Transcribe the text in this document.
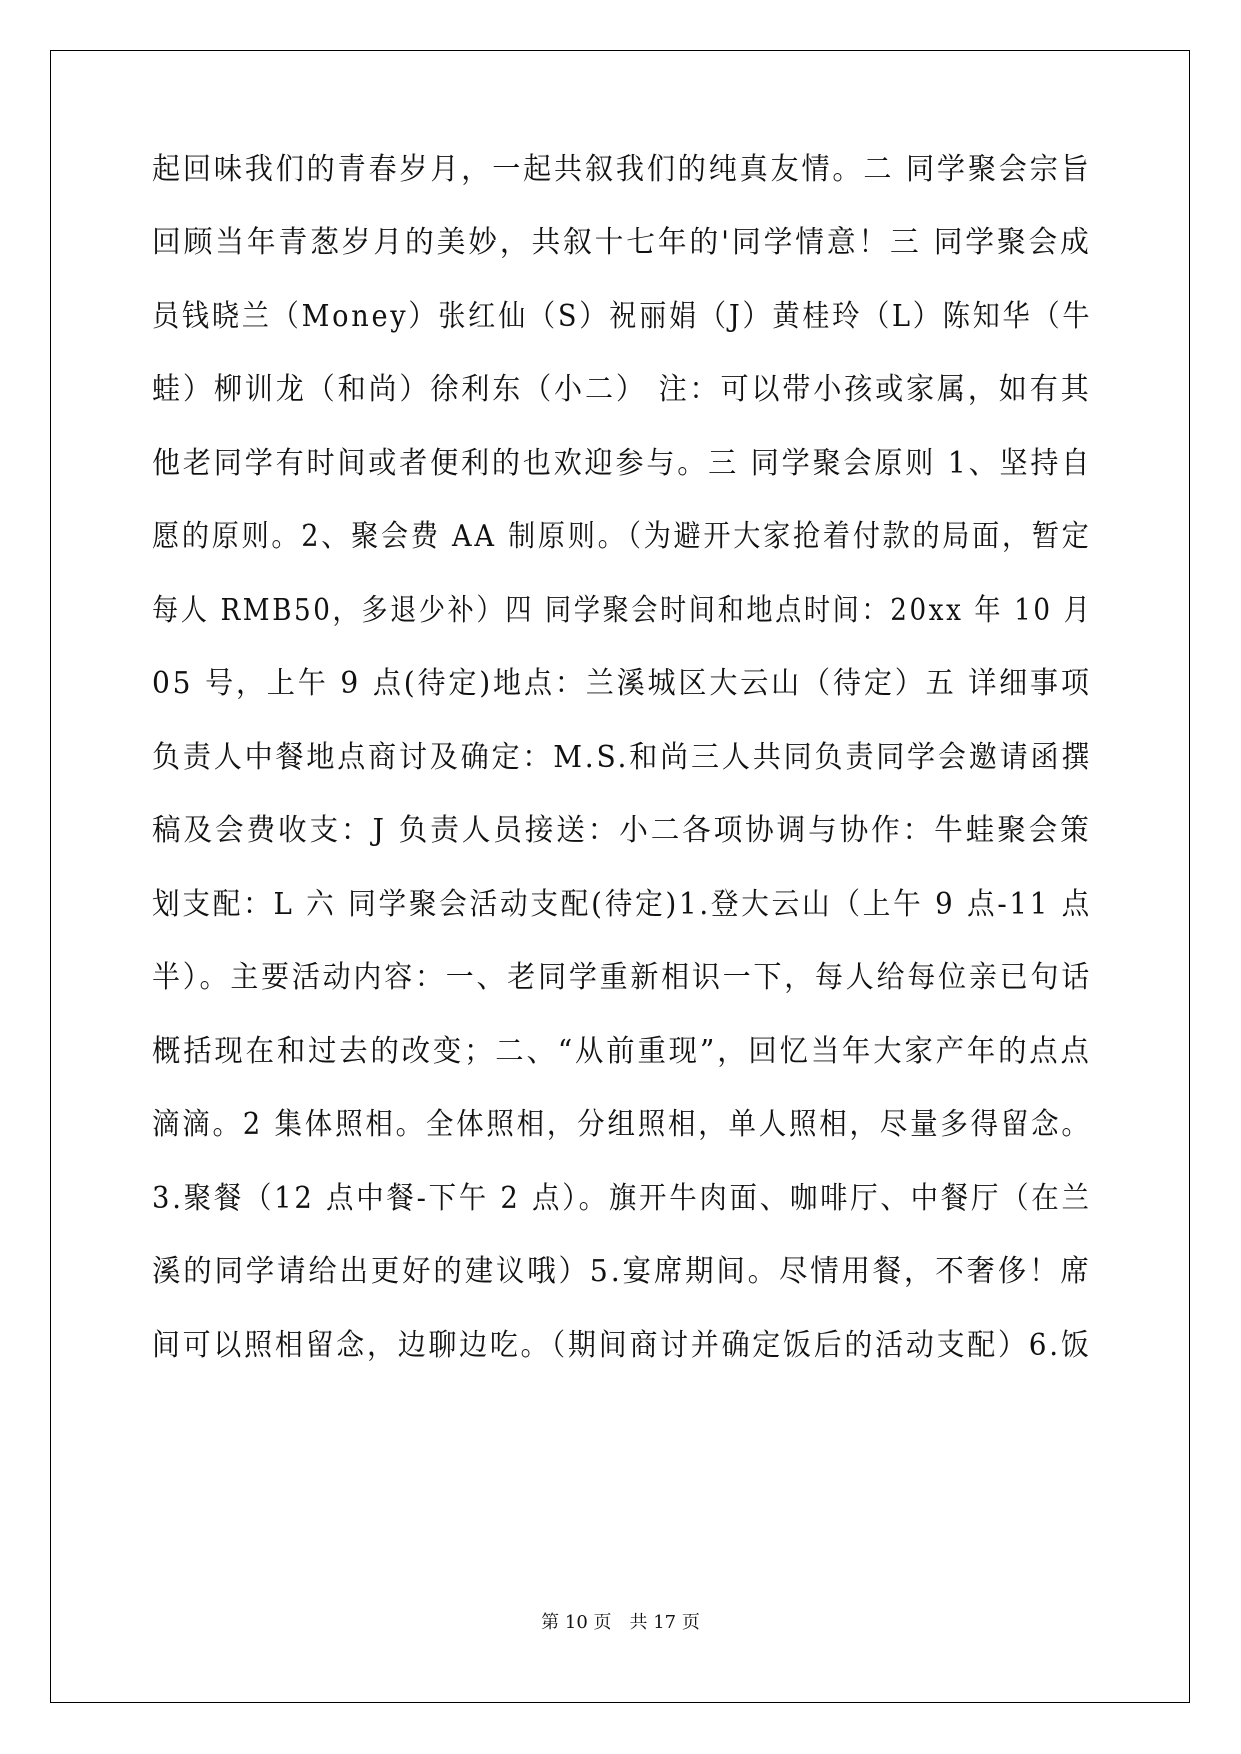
起回味我们的青春岁月，一起共叙我们的纯真友情。二 同学聚会宗旨
回顾当年青葱岁月的美妙，共叙十七年的'同学情意！三 同学聚会成
员钱晓兰（Money）张红仙（S）祝丽娟（J）黄桂玲（L）陈知华（牛
蛙）柳训龙（和尚）徐利东（小二） 注：可以带小孩或家属，如有其
他老同学有时间或者便利的也欢迎参与。三 同学聚会原则 1、坚持自
愿的原则。2、聚会费 AA 制原则。（为避开大家抢着付款的局面，暂定
每人 RMB50，多退少补）四 同学聚会时间和地点时间：20xx 年 10 月
05 号，上午 9 点(待定)地点：兰溪城区大云山（待定）五 详细事项
负责人中餐地点商讨及确定：M.S.和尚三人共同负责同学会邀请函撰
稿及会费收支：J 负责人员接送：小二各项协调与协作：牛蛙聚会策
划支配：L 六 同学聚会活动支配(待定)1.登大云山（上午 9 点-11 点
半）。主要活动内容：一、老同学重新相识一下，每人给每位亲已句话
概括现在和过去的改变；二、“从前重现”，回忆当年大家产年的点点
滴滴。2 集体照相。全体照相，分组照相，单人照相，尽量多得留念。
3.聚餐（12 点中餐-下午 2 点）。旗开牛肉面、咖啡厅、中餐厅（在兰
溪的同学请给出更好的建议哦）5.宴席期间。尽情用餐，不奢侈！席
间可以照相留念，边聊边吃。（期间商讨并确定饭后的活动支配）6.饭
第 10 页　共 17 页
